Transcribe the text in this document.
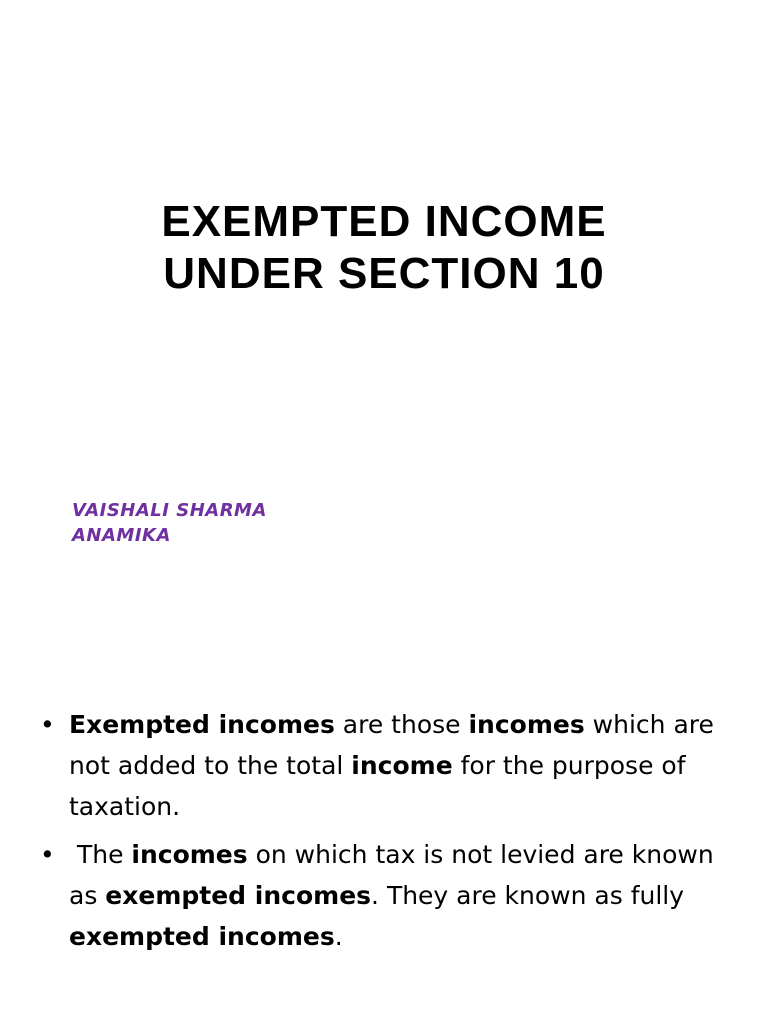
EXEMPTED INCOME
UNDER SECTION 10
VAISHALI SHARMA
ANAMIKA
• Exempted incomes are those incomes which are not added to the total income for the purpose of taxation.
• The incomes on which tax is not levied are known as exempted incomes. They are known as fully exempted incomes.
